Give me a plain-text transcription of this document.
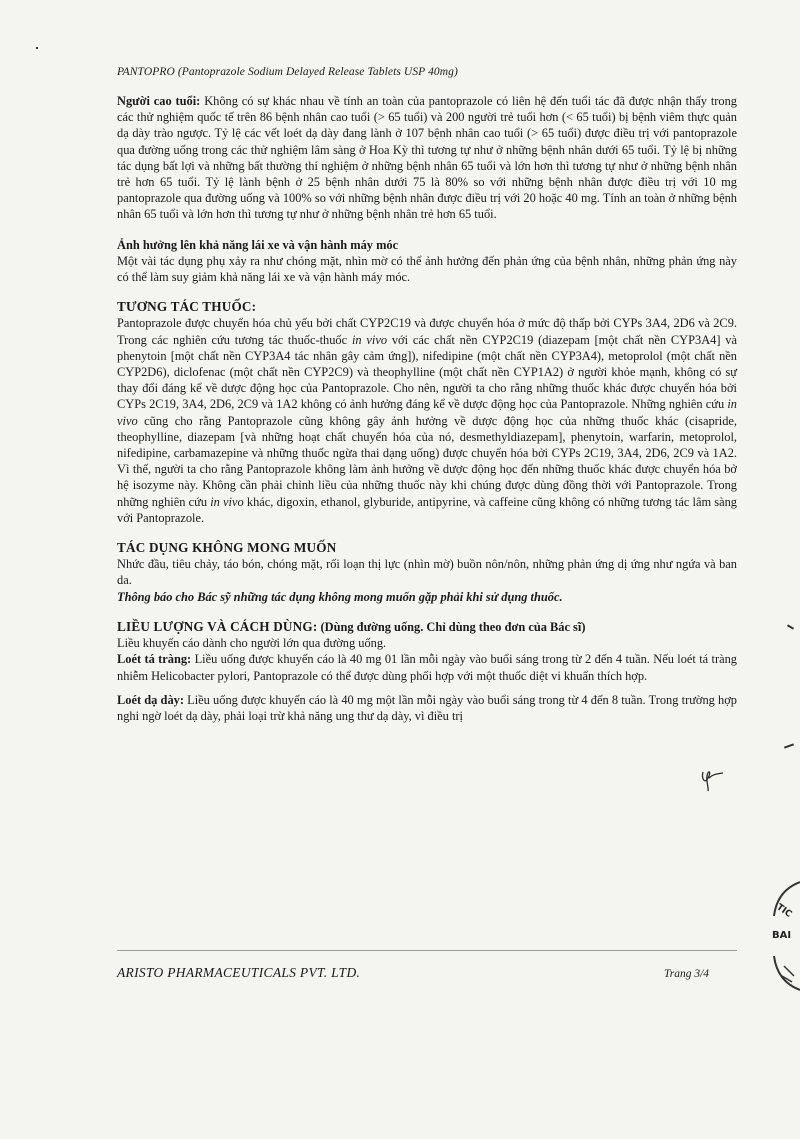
PANTOPRO (Pantoprazole Sodium Delayed Release Tablets USP 40mg)

Người cao tuổi: Không có sự khác nhau về tính an toàn của pantoprazole có liên hệ đến tuổi tác đã được nhận thấy trong các thử nghiệm quốc tế trên 86 bệnh nhân cao tuổi (> 65 tuổi) và 200 người trẻ tuổi hơn (< 65 tuổi) bị bệnh viêm thực quản dạ dày trào ngược. Tỷ lệ các vết loét dạ dày đang lành ở 107 bệnh nhân cao tuổi (> 65 tuổi) được điều trị với pantoprazole qua đường uống trong các thử nghiệm lâm sàng ở Hoa Kỳ thì tương tự như ở những bệnh nhân dưới 65 tuổi. Tỷ lệ bị những tác dụng bất lợi và những bất thường thí nghiệm ở những bệnh nhân 65 tuổi và lớn hơn thì tương tự như ở những bệnh nhân trẻ hơn 65 tuổi. Tỷ lệ lành bệnh ở 25 bệnh nhân dưới 75 là 80% so với những bệnh nhân được điều trị với 10 mg pantoprazole qua đường uống và 100% so với những bệnh nhân được điều trị với 20 hoặc 40 mg. Tính an toàn ở những bệnh nhân 65 tuổi và lớn hơn thì tương tự như ở những bệnh nhân trẻ hơn 65 tuổi.

Ảnh hưởng lên khả năng lái xe và vận hành máy móc

Một vài tác dụng phụ xảy ra như chóng mặt, nhìn mờ có thể ảnh hưởng đến phản ứng của bệnh nhân, những phản ứng này có thể làm suy giảm khả năng lái xe và vận hành máy móc.

TƯƠNG TÁC THUỐC:

Pantoprazole được chuyển hóa chủ yếu bởi chất CYP2C19 và được chuyển hóa ở mức độ thấp bởi CYPs 3A4, 2D6 và 2C9. Trong các nghiên cứu tương tác thuốc-thuốc in vivo với các chất nền CYP2C19 (diazepam [một chất nền CYP3A4] và phenytoin [một chất nền CYP3A4 tác nhân gây cảm ứng]), nifedipine (một chất nền CYP3A4), metoprolol (một chất nền CYP2D6), diclofenac (một chất nền CYP2C9) và theophylline (một chất nền CYP1A2) ở người khỏe mạnh, không có sự thay đổi đáng kể về dược động học của Pantoprazole. Cho nên, người ta cho rằng những thuốc khác được chuyển hóa bởi CYPs 2C19, 3A4, 2D6, 2C9 và 1A2 không có ảnh hưởng đáng kể về dược động học của Pantoprazole. Những nghiên cứu in vivo cũng cho rằng Pantoprazole cũng không gây ảnh hưởng về dược động học của những thuốc khác (cisapride, theophylline, diazepam [và những hoạt chất chuyển hóa của nó, desmethyldiazepam], phenytoin, warfarin, metoprolol, nifedipine, carbamazepine và những thuốc ngừa thai dạng uống) được chuyển hóa bởi CYPs 2C19, 3A4, 2D6, 2C9 và 1A2. Vì thế, người ta cho rằng Pantoprazole không làm ảnh hưởng về dược động học đến những thuốc khác được chuyển hóa bở hệ isozyme này. Không cần phải chỉnh liều của những thuốc này khi chúng được dùng đồng thời với Pantoprazole. Trong những nghiên cứu in vivo khác, digoxin, ethanol, glyburide, antipyrine, và caffeine cũng không có những tương tác lâm sàng với Pantoprazole.

TÁC DỤNG KHÔNG MONG MUỐN

Nhức đầu, tiêu chảy, táo bón, chóng mặt, rối loạn thị lực (nhìn mờ) buồn nôn/nôn, những phản ứng dị ứng như ngứa và ban da.

Thông báo cho Bác sỹ những tác dụng không mong muốn gặp phải khi sử dụng thuốc.

LIỀU LƯỢNG VÀ CÁCH DÙNG: (Dùng đường uống. Chỉ dùng theo đơn của Bác sĩ)

Liều khuyến cáo dành cho người lớn qua đường uống.

Loét tá tràng: Liều uống được khuyến cáo là 40 mg 01 lần mỗi ngày vào buổi sáng trong từ 2 đến 4 tuần. Nếu loét tá tràng nhiễm Helicobacter pylori, Pantoprazole có thể được dùng phối hợp với một thuốc diệt vi khuẩn thích hợp.

Loét dạ dày: Liều uống được khuyến cáo là 40 mg một lần mỗi ngày vào buổi sáng trong từ 4 đến 8 tuần. Trong trường hợp nghi ngờ loét dạ dày, phải loại trừ khả năng ung thư dạ dày, vì điều trị

TIC
BAI
ARISTO PHARMACEUTICALS PVT. LTD.	Trang 3/4
